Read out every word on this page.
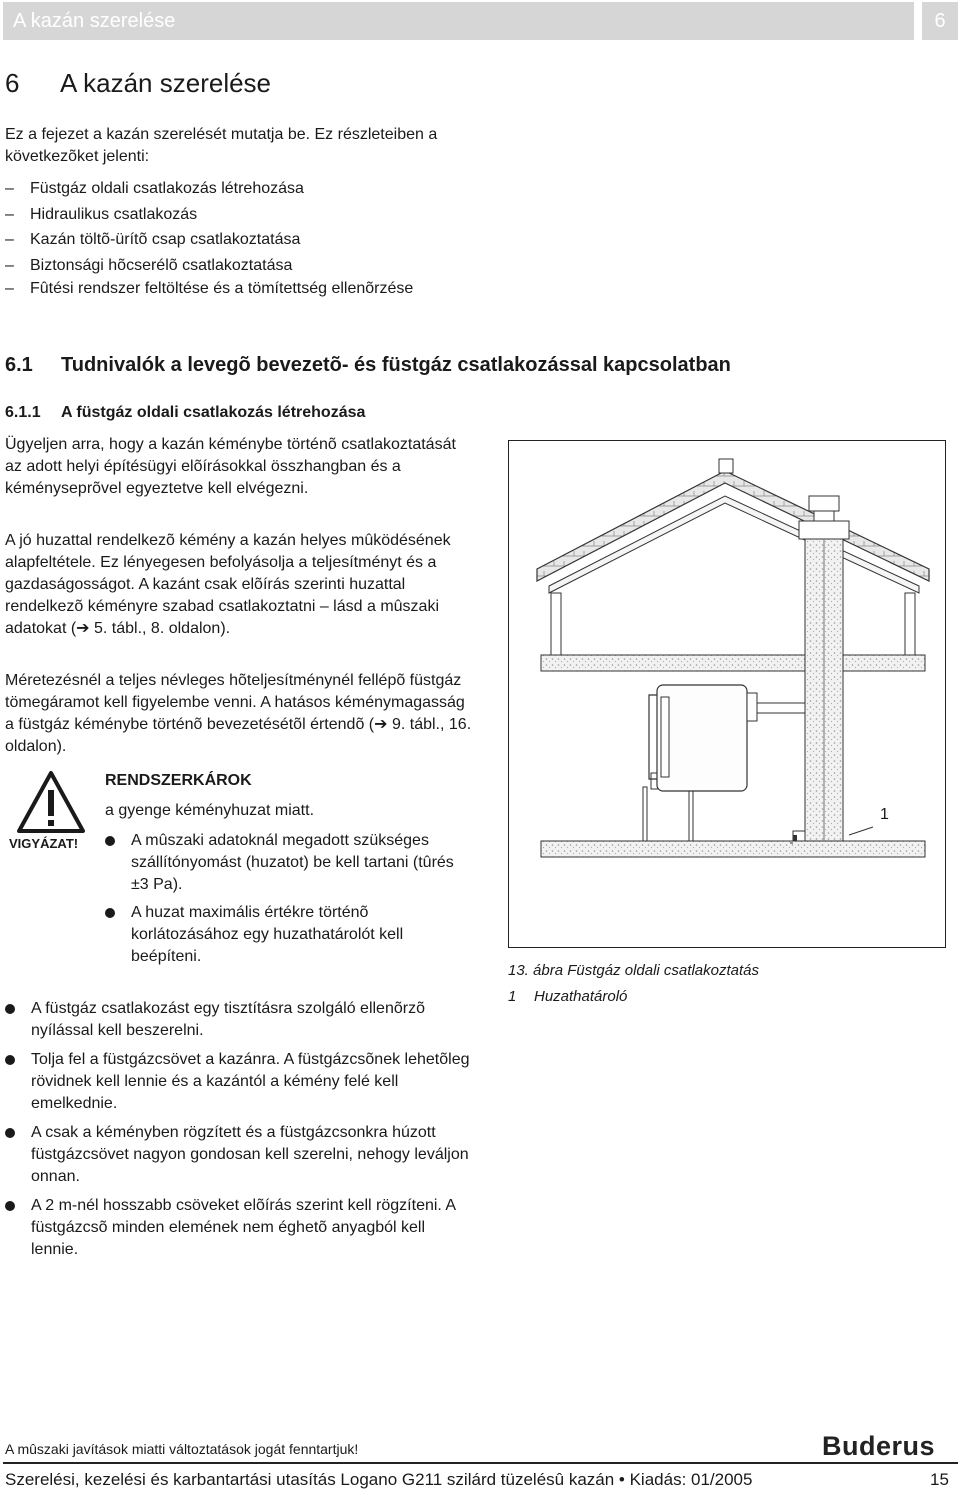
A kazán szerelése	6
6 A kazán szerelése

Ez a fejezet a kazán szerelését mutatja be. Ez részleteiben a következõket jelenti:

– Füstgáz oldali csatlakozás létrehozása
– Hidraulikus csatlakozás
– Kazán töltõ-ürítõ csap csatlakoztatása
– Biztonsági hõcserélõ csatlakoztatása
– Fûtési rendszer feltöltése és a tömítettség ellenõrzése
6.1 Tudnivalók a levegõ bevezetõ- és füstgáz csatlakozással kapcsolatban
6.1.1 A füstgáz oldali csatlakozás létrehozása

Ügyeljen arra, hogy a kazán kéménybe történõ csatlakoztatását az adott helyi építésügyi elõírásokkal összhangban és a kéményseprõvel egyeztetve kell elvégezni.

A jó huzattal rendelkezõ kémény a kazán helyes mûködésének alapfeltétele. Ez lényegesen befolyásolja a teljesítményt és a gazdaságosságot. A kazánt csak elõírás szerinti huzattal rendelkezõ kéményre szabad csatlakoztatni – lásd a mûszaki adatokat (➔ 5. tábl., 8. oldalon).

Méretezésnél a teljes névleges hõteljesítménynél fellépõ füstgáz tömegáramot kell figyelembe venni. A hatásos kéménymagasság a füstgáz kéménybe történõ bevezetésétõl értendõ (➔ 9. tábl., 16. oldalon).

VIGYÁZAT!
RENDSZERKÁROK
a gyenge kéményhuzat miatt.
A mûszaki adatoknál megadott szükséges szállítónyomást (huzatot) be kell tartani (tûrés ±3 Pa).
A huzat maximális értékre történõ korlátozásához egy huzathatárolót kell beépíteni.
A füstgáz csatlakozást egy tisztításra szolgáló ellenõrzõ nyílással kell beszerelni.
Tolja fel a füstgázcsövet a kazánra. A füstgázcsõnek lehetõleg rövidnek kell lennie és a kazántól a kémény felé kell emelkednie.
A csak a kéményben rögzített és a füstgázcsonkra húzott füstgázcsövet nagyon gondosan kell szerelni, nehogy leváljon onnan.
A 2 m-nél hosszabb csöveket elõírás szerint kell rögzíteni. A füstgázcsõ minden elemének nem éghetõ anyagból kell lennie.
1
13. ábra Füstgáz oldali csatlakoztatás
1 Huzathatároló
A mûszaki javítások miatti változtatások jogát fenntartjuk!	Buderus
Szerelési, kezelési és karbantartási utasítás Logano G211 szilárd tüzelésû kazán • Kiadás: 01/2005	15
